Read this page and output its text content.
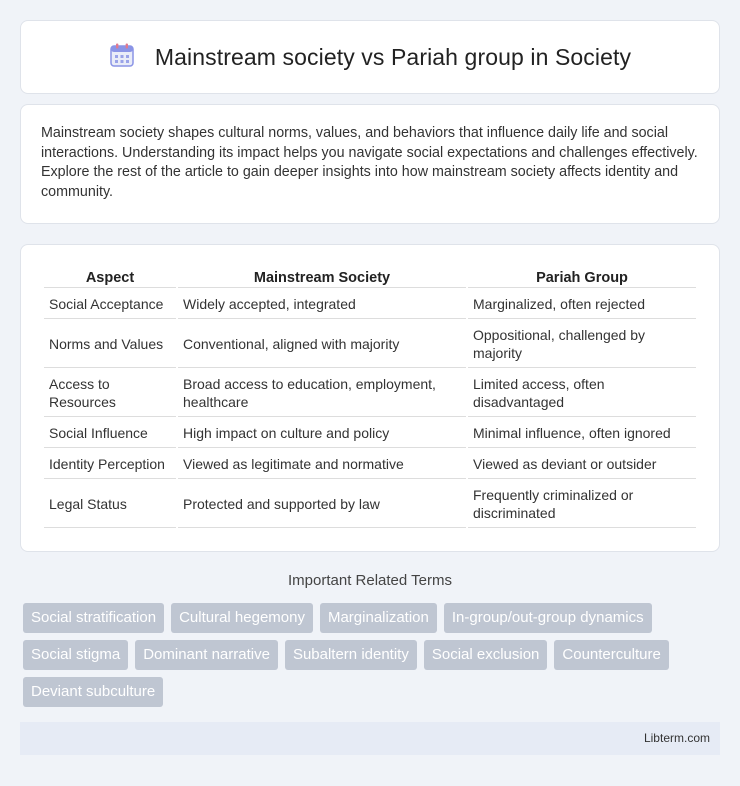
Mainstream society vs Pariah group in Society

Mainstream society shapes cultural norms, values, and behaviors that influence daily life and social interactions. Understanding its impact helps you navigate social expectations and challenges effectively. Explore the rest of the article to gain deeper insights into how mainstream society affects identity and community.

Aspect	Mainstream Society	Pariah Group
Social Acceptance	Widely accepted, integrated	Marginalized, often rejected
Norms and Values	Conventional, aligned with majority	Oppositional, challenged by majority
Access to Resources	Broad access to education, employment, healthcare	Limited access, often disadvantaged
Social Influence	High impact on culture and policy	Minimal influence, often ignored
Identity Perception	Viewed as legitimate and normative	Viewed as deviant or outsider
Legal Status	Protected and supported by law	Frequently criminalized or discriminated
Important Related Terms
Social stratification	Cultural hegemony	Marginalization	In-group/out-group dynamics
Social stigma	Dominant narrative	Subaltern identity	Social exclusion	Counterculture
Deviant subculture
Libterm.com
